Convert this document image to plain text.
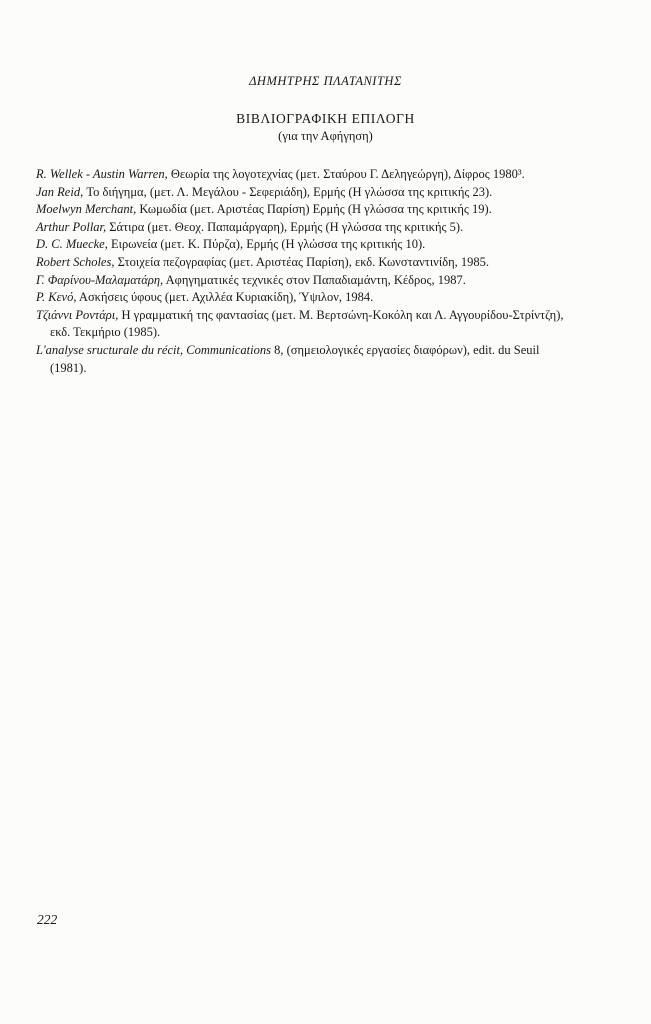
ΔΗΜΗΤΡΗΣ ΠΛΑΤΑΝΙΤΗΣ
ΒΙΒΛΙΟΓΡΑΦΙΚΗ ΕΠΙΛΟΓΗ
(για την Αφήγηση)

R. Wellek - Austin Warren, Θεωρία της λογοτεχνίας (μετ. Σταύρου Γ. Δεληγεώργη), Δίφρος 1980³.

Jan Reid, Το διήγημα, (μετ. Λ. Μεγάλου - Σεφεριάδη), Ερμής (Η γλώσσα της κριτικής 23).

Moelwyn Merchant, Κωμωδία (μετ. Αριστέας Παρίση) Ερμής (Η γλώσσα της κριτικής 19).

Arthur Pollar, Σάτιρα (μετ. Θεοχ. Παπαμάργαρη), Ερμής (Η γλώσσα της κριτικής 5).

D. C. Muecke, Ειρωνεία (μετ. Κ. Πύρζα), Ερμής (Η γλώσσα της κριτικής 10).

Robert Scholes, Στοιχεία πεζογραφίας (μετ. Αριστέας Παρίση), εκδ. Κωνσταντινίδη, 1985.

Γ. Φαρίνου-Μαλαματάρη, Αφηγηματικές τεχνικές στον Παπαδιαμάντη, Κέδρος, 1987.

Ρ. Κενό, Ασκήσεις ύφους (μετ. Αχιλλέα Κυριακίδη), Ύψιλον, 1984.

Τζιάννι Ροντάρι, Η γραμματική της φαντασίας (μετ. Μ. Βερτσώνη-Κοκόλη και Λ. Αγγουρίδου-Στρίντζη), εκδ. Τεκμήριο (1985).

L'analyse sructurale du récit, Communications 8, (σημειολογικές εργασίες διαφόρων), edit. du Seuil (1981).

222
